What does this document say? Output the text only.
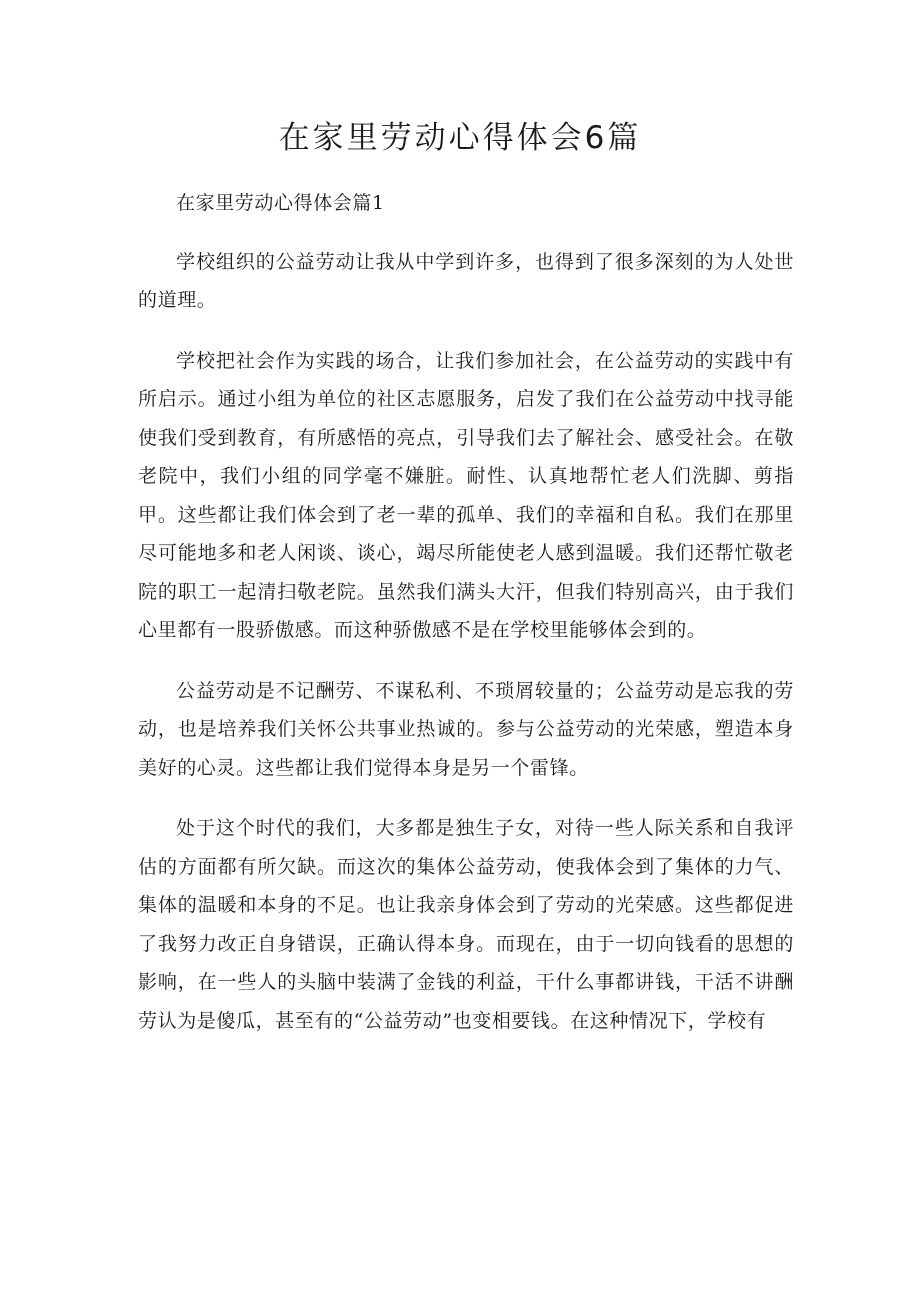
在家里劳动心得体会6篇

在家里劳动心得体会篇1

学校组织的公益劳动让我从中学到许多，也得到了很多深刻的为人处世的道理。

学校把社会作为实践的场合，让我们参加社会，在公益劳动的实践中有所启示。通过小组为单位的社区志愿服务，启发了我们在公益劳动中找寻能使我们受到教育，有所感悟的亮点，引导我们去了解社会、感受社会。在敬老院中，我们小组的同学毫不嫌脏。耐性、认真地帮忙老人们洗脚、剪指甲。这些都让我们体会到了老一辈的孤单、我们的幸福和自私。我们在那里尽可能地多和老人闲谈、谈心，竭尽所能使老人感到温暖。我们还帮忙敬老院的职工一起清扫敬老院。虽然我们满头大汗，但我们特别高兴，由于我们心里都有一股骄傲感。而这种骄傲感不是在学校里能够体会到的。

公益劳动是不记酬劳、不谋私利、不琐屑较量的；公益劳动是忘我的劳动，也是培养我们关怀公共事业热诚的。参与公益劳动的光荣感，塑造本身美好的心灵。这些都让我们觉得本身是另一个雷锋。

处于这个时代的我们，大多都是独生子女，对待一些人际关系和自我评估的方面都有所欠缺。而这次的集体公益劳动，使我体会到了集体的力气、集体的温暖和本身的不足。也让我亲身体会到了劳动的光荣感。这些都促进了我努力改正自身错误，正确认得本身。而现在，由于一切向钱看的思想的影响，在一些人的头脑中装满了金钱的利益，干什么事都讲钱，干活不讲酬劳认为是傻瓜，甚至有的“公益劳动”也变相要钱。在这种情况下，学校有
